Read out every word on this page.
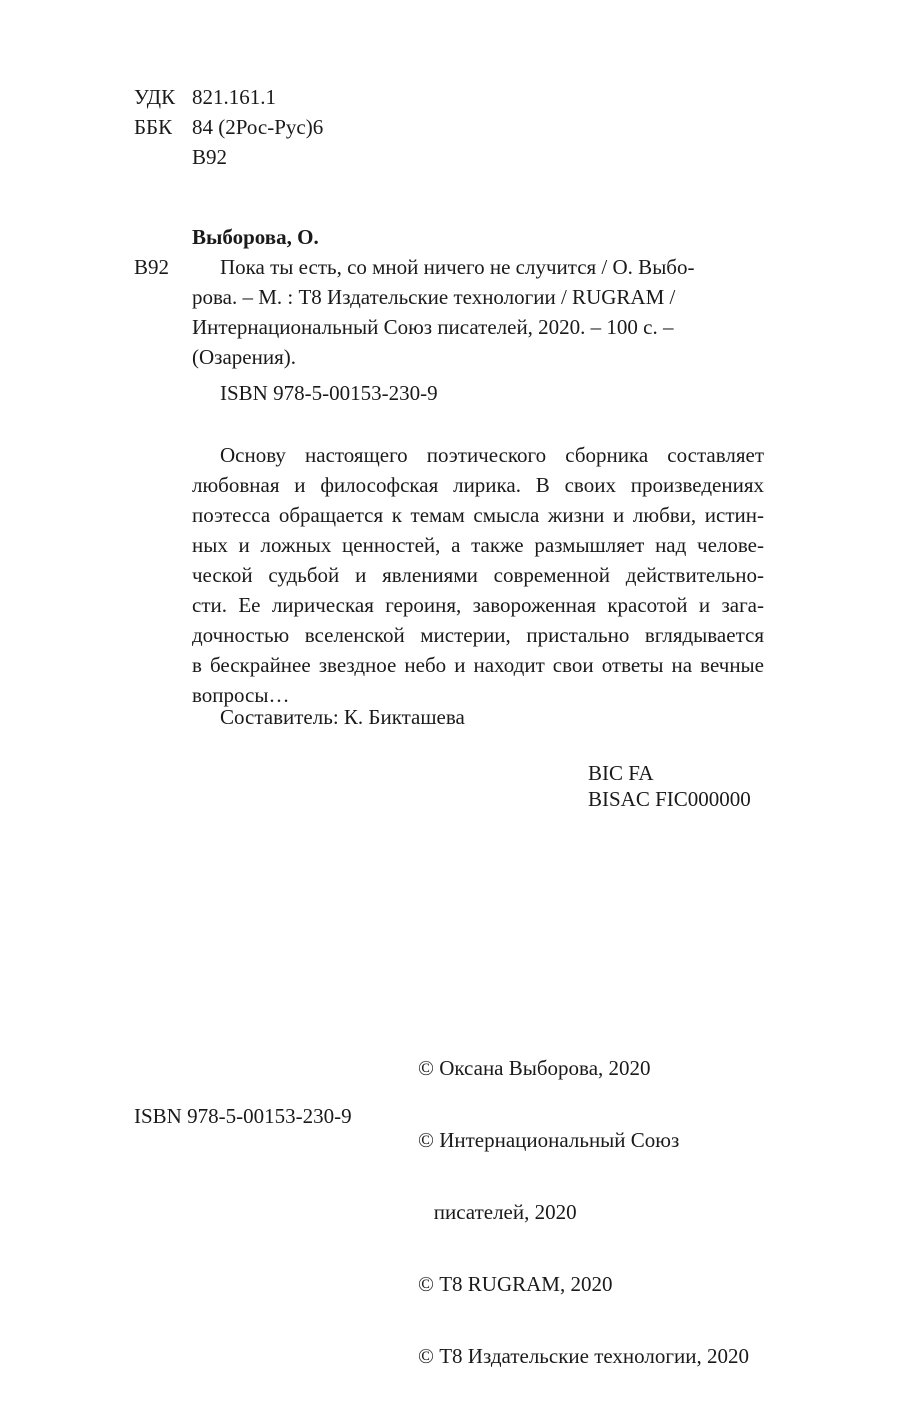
УДК 821.161.1
ББК 84 (2Рос-Рус)6
В92
Выборова, О.
В92	Пока ты есть, со мной ничего не случится / О. Выбо-
рова. – М. : Т8 Издательские технологии / RUGRAM /
Интернациональный Союз писателей, 2020. – 100 с. –
(Озарения).
ISBN 978-5-00153-230-9
Основу настоящего поэтического сборника составляет
любовная и философская лирика. В своих произведениях
поэтесса обращается к темам смысла жизни и любви, истин-
ных и ложных ценностей, а также размышляет над челове-
ческой судьбой и явлениями современной действительно-
сти. Ее лирическая героиня, завороженная красотой и зага-
дочностью вселенской мистерии, пристально вглядывается
в бескрайнее звездное небо и находит свои ответы на вечные
вопросы…
Составитель: К. Бикташева
BIC FA
BISAC FIC000000

© Оксана Выборова, 2020

© Интернациональный Союз

писателей, 2020

© Т8 RUGRAM, 2020

© Т8 Издательские технологии, 2020

ISBN 978-5-00153-230-9
